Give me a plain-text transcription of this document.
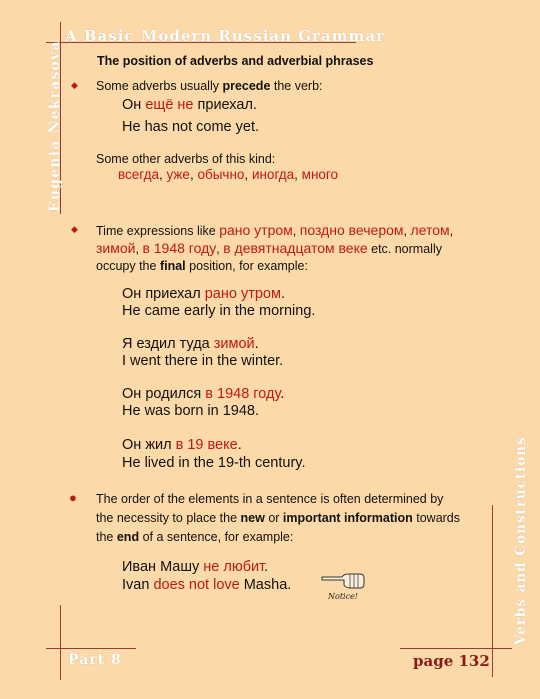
A Basic Modern Russian Grammar
Eugenia Nekrasova
Verbs and Constructions
Part 8	page 132
The position of adverbs and adverbial phrases
◆ Some adverbs usually precede the verb:
Он ещё не приехал.
He has not come yet.
Some other adverbs of this kind:
всегда, уже, обычно, иногда, много
◆ Time expressions like рано утром, поздно вечером, летом,
зимой, в 1948 году, в девятнадцатом веке etc. normally
occupy the final position, for example:
Он приехал рано утром.
He came early in the morning.
Я ездил туда зимой.
I went there in the winter.
Он родился в 1948 году.
He was born in 1948.
Он жил в 19 веке.
He lived in the 19-th century.
● The order of the elements in a sentence is often determined by
the necessity to place the new or important information towards
the end of a sentence, for example:
Иван Машу не любит.
Ivan does not love Masha.
Notice!
